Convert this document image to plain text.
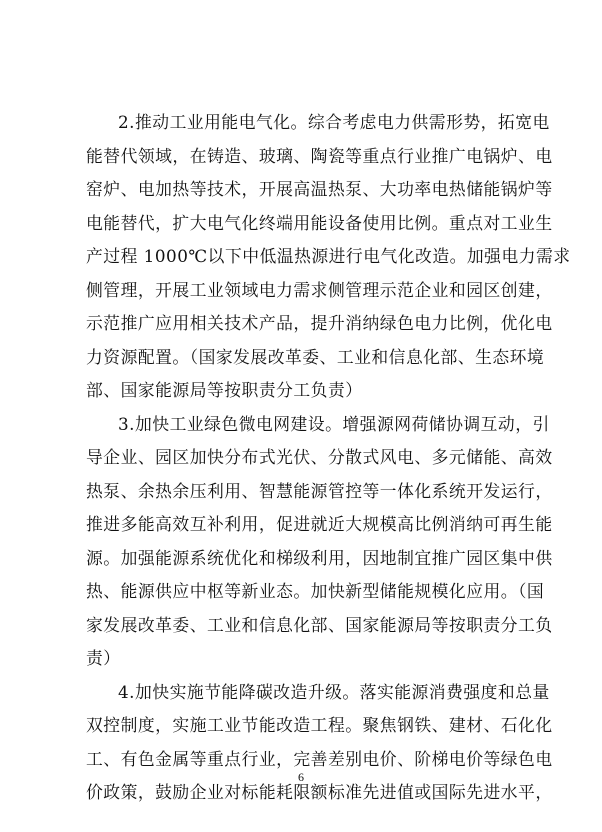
2.推动工业用能电气化。综合考虑电力供需形势，拓宽电
能替代领域，在铸造、玻璃、陶瓷等重点行业推广电锅炉、电
窑炉、电加热等技术，开展高温热泵、大功率电热储能锅炉等
电能替代，扩大电气化终端用能设备使用比例。重点对工业生
产过程 1000℃以下中低温热源进行电气化改造。加强电力需求
侧管理，开展工业领域电力需求侧管理示范企业和园区创建，
示范推广应用相关技术产品，提升消纳绿色电力比例，优化电
力资源配置。（国家发展改革委、工业和信息化部、生态环境
部、国家能源局等按职责分工负责）
3.加快工业绿色微电网建设。增强源网荷储协调互动，引
导企业、园区加快分布式光伏、分散式风电、多元储能、高效
热泵、余热余压利用、智慧能源管控等一体化系统开发运行，
推进多能高效互补利用，促进就近大规模高比例消纳可再生能
源。加强能源系统优化和梯级利用，因地制宜推广园区集中供
热、能源供应中枢等新业态。加快新型储能规模化应用。（国
家发展改革委、工业和信息化部、国家能源局等按职责分工负
责）
4.加快实施节能降碳改造升级。落实能源消费强度和总量
双控制度，实施工业节能改造工程。聚焦钢铁、建材、石化化
工、有色金属等重点行业，完善差别电价、阶梯电价等绿色电
价政策，鼓励企业对标能耗限额标准先进值或国际先进水平，
6
